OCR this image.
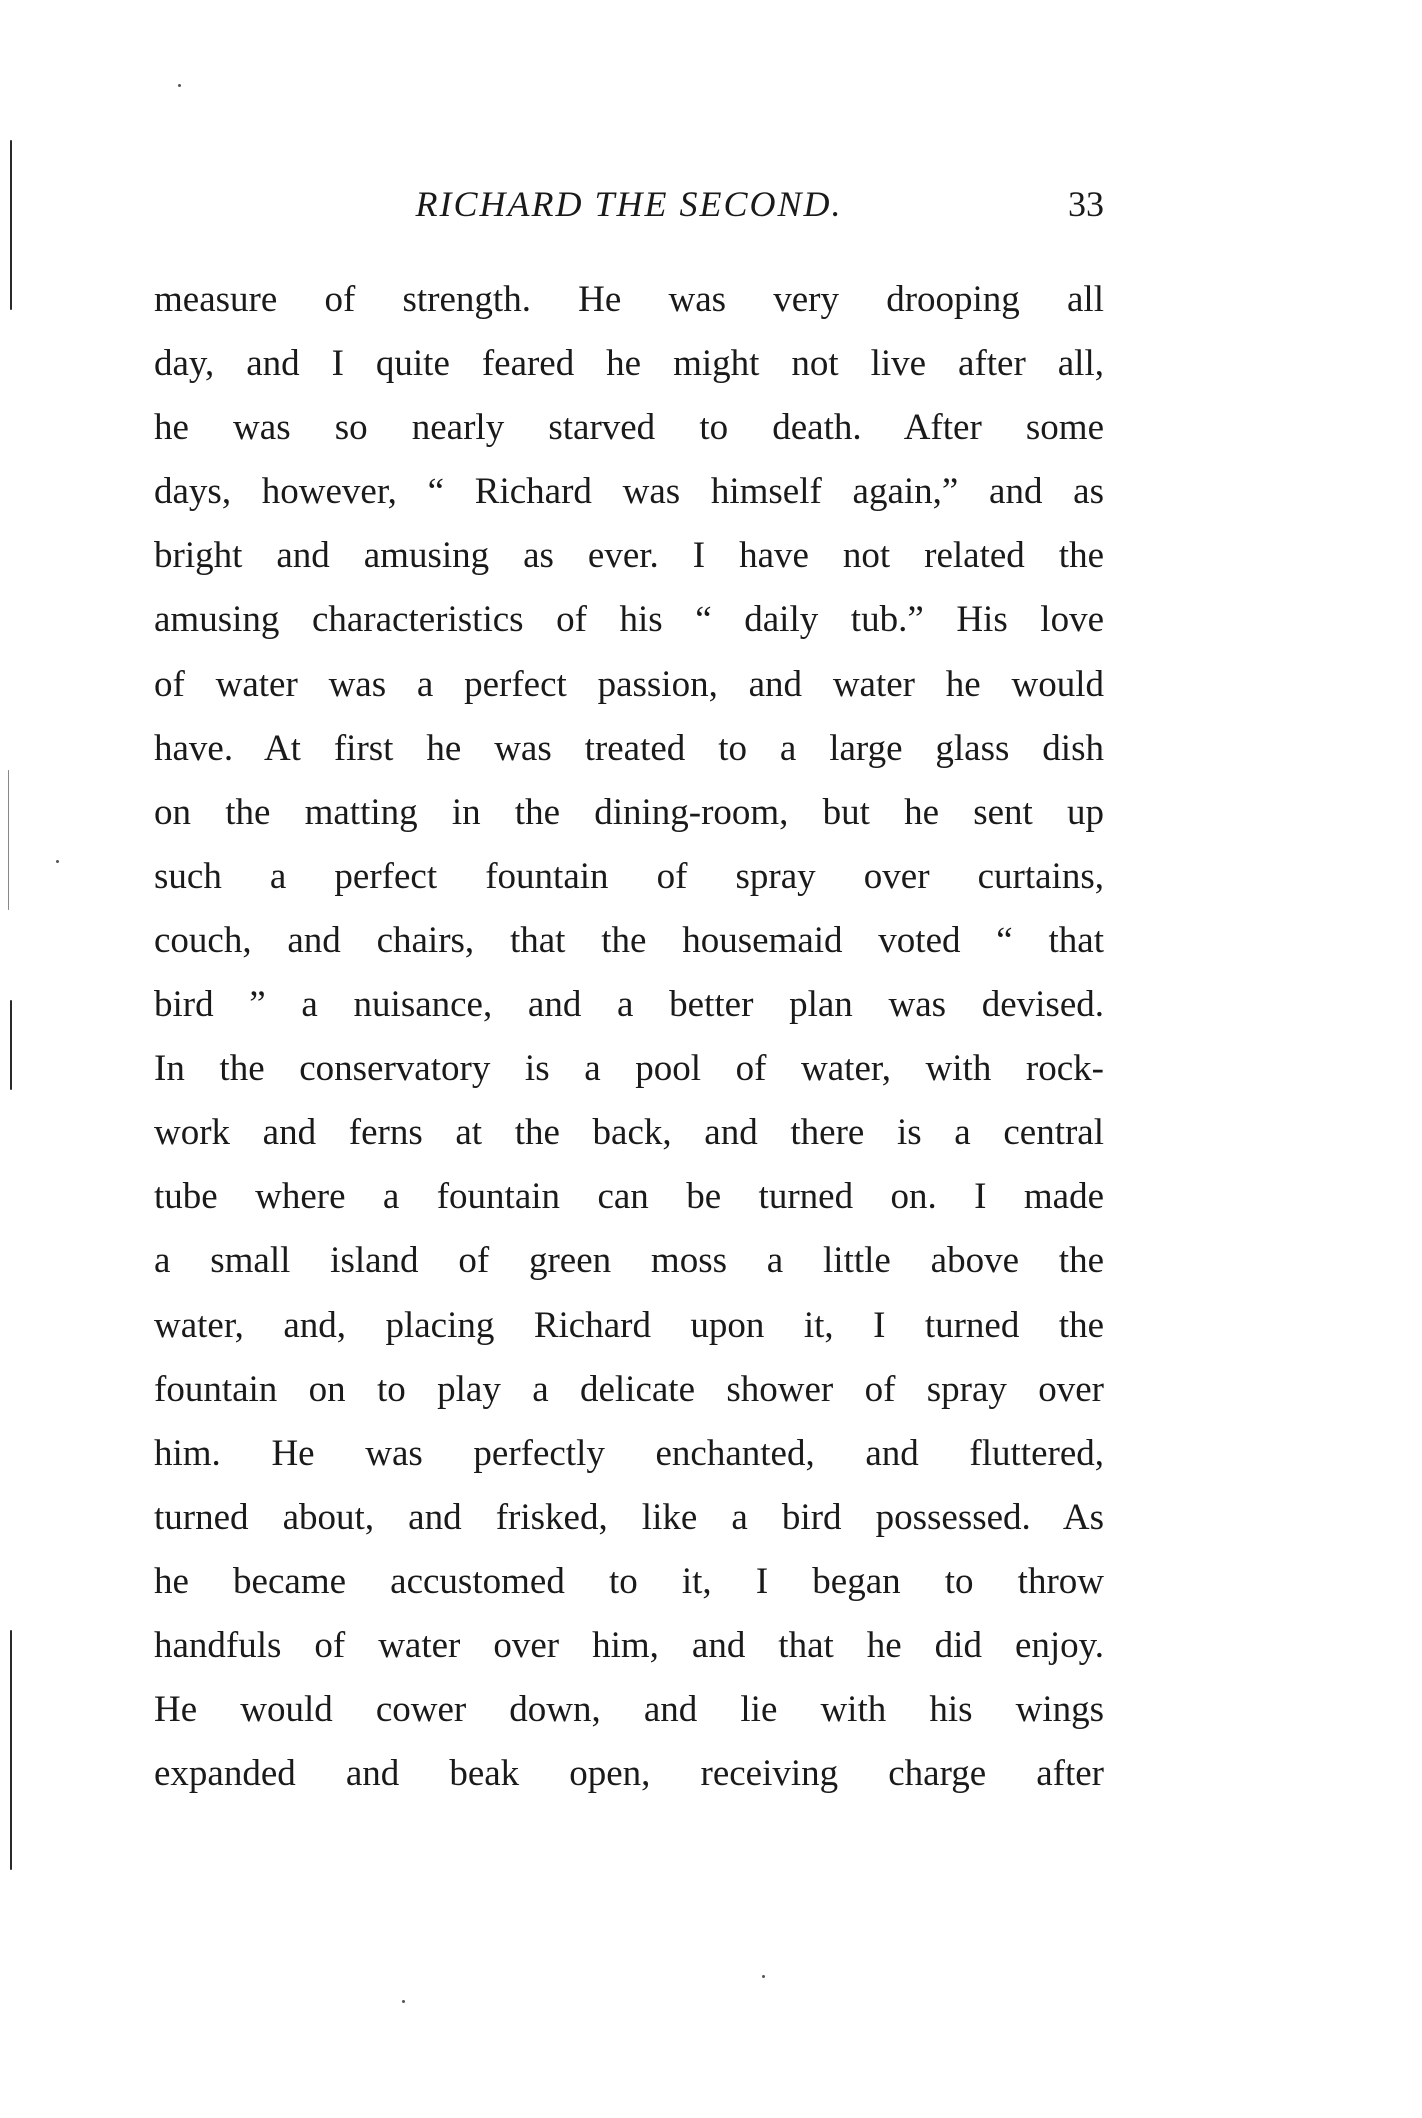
RICHARD THE SECOND.	33
measure of strength. He was very drooping all
day, and I quite feared he might not live after all,
he was so nearly starved to death. After some
days, however, “ Richard was himself again,” and as
bright and amusing as ever. I have not related the
amusing characteristics of his “ daily tub.” His love
of water was a perfect passion, and water he would
have. At first he was treated to a large glass dish
on the matting in the dining-room, but he sent up
such a perfect fountain of spray over curtains,
couch, and chairs, that the housemaid voted “ that
bird ” a nuisance, and a better plan was devised.
In the conservatory is a pool of water, with rock-
work and ferns at the back, and there is a central
tube where a fountain can be turned on. I made
a small island of green moss a little above the
water, and, placing Richard upon it, I turned the
fountain on to play a delicate shower of spray over
him. He was perfectly enchanted, and fluttered,
turned about, and frisked, like a bird possessed. As
he became accustomed to it, I began to throw
handfuls of water over him, and that he did enjoy.
He would cower down, and lie with his wings
expanded and beak open, receiving charge after
